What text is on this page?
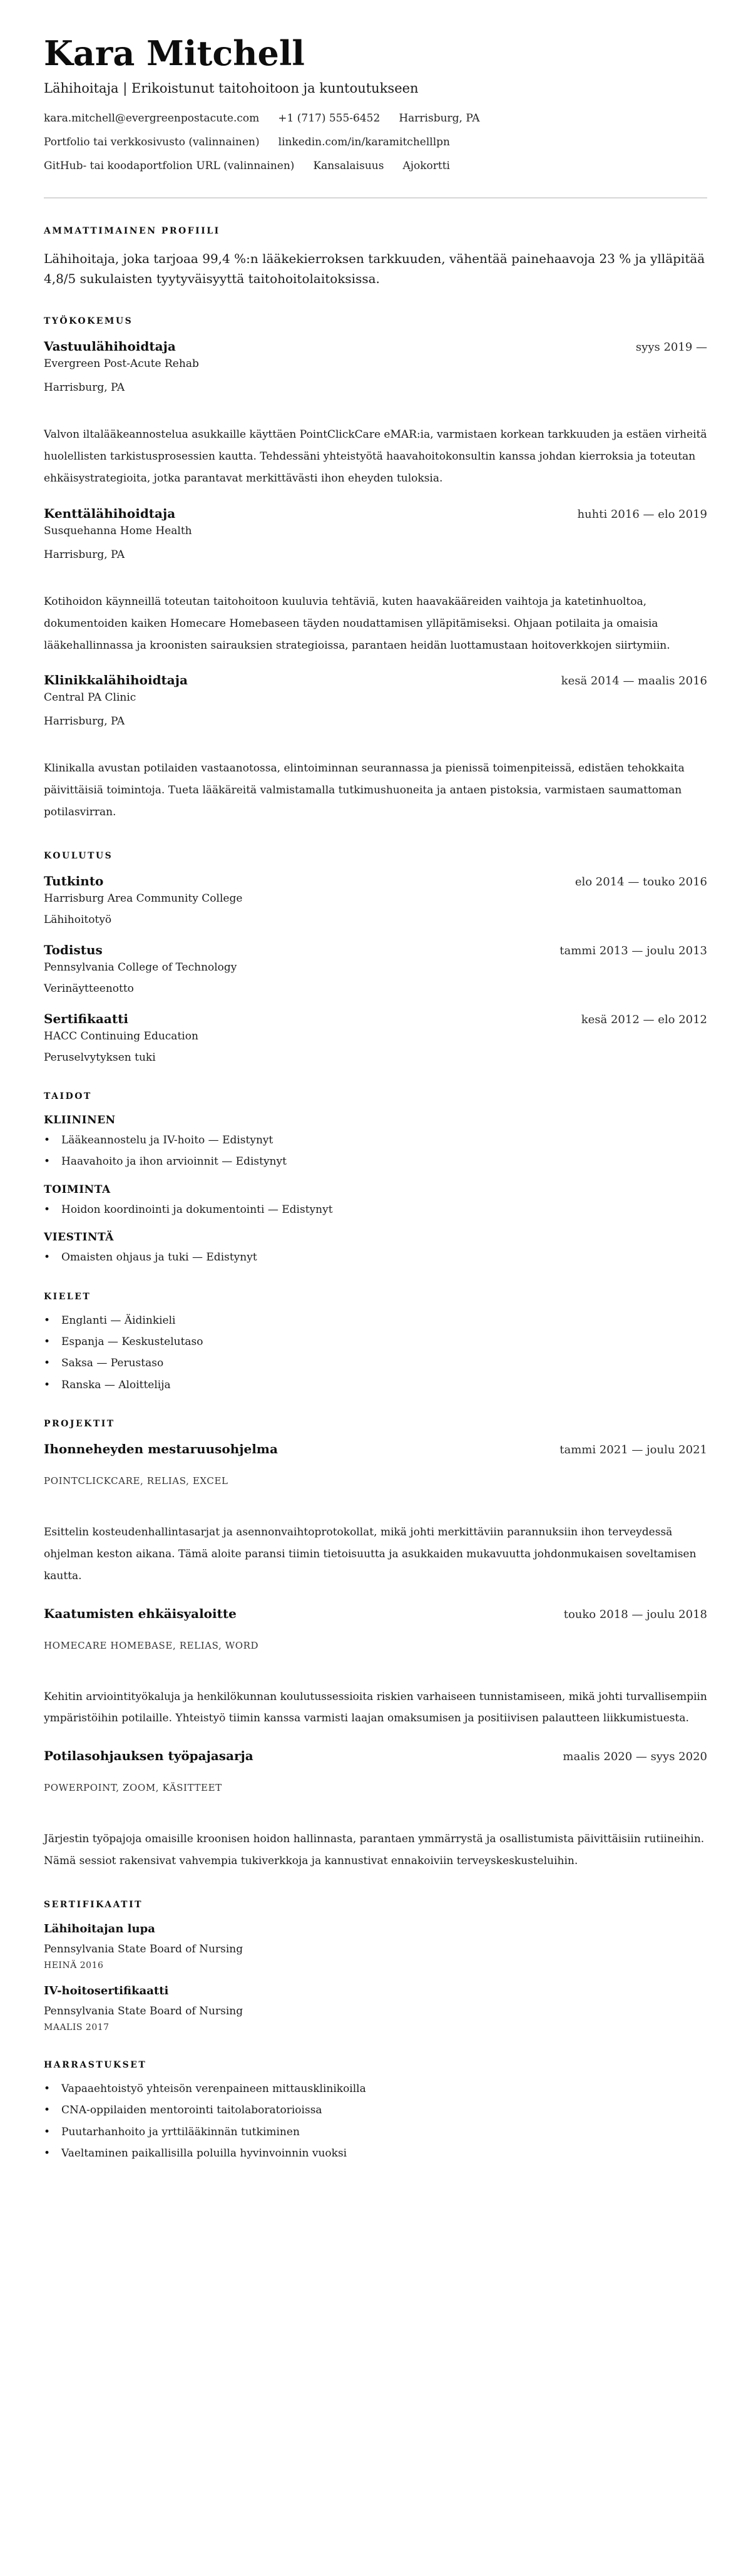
Kara Mitchell

Lähihoitaja | Erikoistunut taitohoitoon ja kuntoutukseen

kara.mitchell@evergreenpostacute.com +1 (717) 555-6452 Harrisburg, PA
Portfolio tai verkkosivusto (valinnainen) linkedin.com/in/karamitchelllpn
GitHub- tai koodaportfolion URL (valinnainen) Kansalaisuus Ajokortti
AMMATTIMAINEN PROFIILI

Lähihoitaja, joka tarjoaa 99,4 %:n lääkekierroksen tarkkuuden, vähentää painehaavoja 23 % ja ylläpitää 4,8/5 sukulaisten tyytyväisyyttä taitohoitolaitoksissa.

TYÖKOKEMUS
Vastuulähihoidtaja	syys 2019 —
Evergreen Post-Acute Rehab
Harrisburg, PA

Valvon iltalääkeannostelua asukkaille käyttäen PointClickCare eMAR:ia, varmistaen korkean tarkkuuden ja estäen virheitä huolellisten tarkistusprosessien kautta. Tehdessäni yhteistyötä haavahoitokonsultin kanssa johdan kierroksia ja toteutan ehkäisystrategioita, jotka parantavat merkittävästi ihon eheyden tuloksia.

Kenttälähihoidtaja	huhti 2016 — elo 2019
Susquehanna Home Health
Harrisburg, PA

Kotihoidon käynneillä toteutan taitohoitoon kuuluvia tehtäviä, kuten haavakääreiden vaihtoja ja katetinhuoltoa, dokumentoiden kaiken Homecare Homebaseen täyden noudattamisen ylläpitämiseksi. Ohjaan potilaita ja omaisia lääkehallinnassa ja kroonisten sairauksien strategioissa, parantaen heidän luottamustaan hoitoverkkojen siirtymiin.

Klinikkalähihoidtaja	kesä 2014 — maalis 2016
Central PA Clinic
Harrisburg, PA

Klinikalla avustan potilaiden vastaanotossa, elintoiminnan seurannassa ja pienissä toimenpiteissä, edistäen tehokkaita päivittäisiä toimintoja. Tueta lääkäreitä valmistamalla tutkimushuoneita ja antaen pistoksia, varmistaen saumattoman potilasvirran.

KOULUTUS
Tutkinto	elo 2014 — touko 2016
Harrisburg Area Community College
Lähihoitotyö
Todistus	tammi 2013 — joulu 2013
Pennsylvania College of Technology
Verinäytteenotto
Sertifikaatti	kesä 2012 — elo 2012
HACC Continuing Education
Peruselvytyksen tuki
TAIDOT
KLIININEN
• Lääkeannostelu ja IV-hoito — Edistynyt
• Haavahoito ja ihon arvioinnit — Edistynyt
TOIMINTA
• Hoidon koordinointi ja dokumentointi — Edistynyt
VIESTINTÄ
• Omaisten ohjaus ja tuki — Edistynyt
KIELET
• Englanti — Äidinkieli
• Espanja — Keskustelutaso
• Saksa — Perustaso
• Ranska — Aloittelija
PROJEKTIT
Ihonneheyden mestaruusohjelma	tammi 2021 — joulu 2021
POINTCLICKCARE, RELIAS, EXCEL

Esittelin kosteudenhallintasarjat ja asennonvaihtoprotokollat, mikä johti merkittäviin parannuksiin ihon terveydessä ohjelman keston aikana. Tämä aloite paransi tiimin tietoisuutta ja asukkaiden mukavuutta johdonmukaisen soveltamisen kautta.

Kaatumisten ehkäisyaloitte	touko 2018 — joulu 2018
HOMECARE HOMEBASE, RELIAS, WORD

Kehitin arviointityökaluja ja henkilökunnan koulutussessioita riskien varhaiseen tunnistamiseen, mikä johti turvallisempiin ympäristöihin potilaille. Yhteistyö tiimin kanssa varmisti laajan omaksumisen ja positiivisen palautteen liikkumistuesta.

Potilasohjauksen työpajasarja	maalis 2020 — syys 2020
POWERPOINT, ZOOM, KÄSITTEET

Järjestin työpajoja omaisille kroonisen hoidon hallinnasta, parantaen ymmärrystä ja osallistumista päivittäisiin rutiineihin. Nämä sessiot rakensivat vahvempia tukiverkkoja ja kannustivat ennakoiviin terveyskeskusteluihin.

SERTIFIKAATIT
Lähihoitajan lupa
Pennsylvania State Board of Nursing
HEINÄ 2016
IV-hoitosertifikaatti
Pennsylvania State Board of Nursing
MAALIS 2017
HARRASTUKSET
• Vapaaehtoistyö yhteisön verenpaineen mittausklinikoilla
• CNA-oppilaiden mentorointi taitolaboratorioissa
• Puutarhanhoito ja yrttilääkinnän tutkiminen
• Vaeltaminen paikallisilla poluilla hyvinvoinnin vuoksi
